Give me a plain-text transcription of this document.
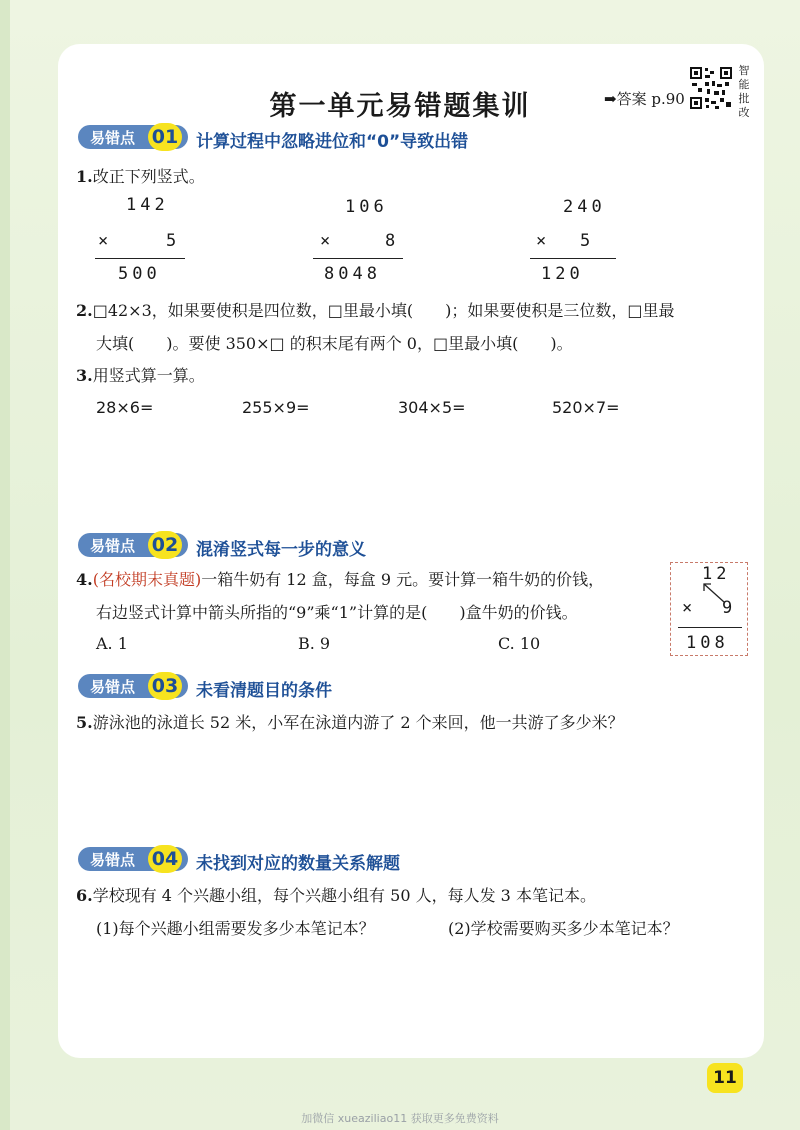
第一单元易错题集训	➡答案 p.90
智
能
批
改
易错点 01 计算过程中忽略进位和“0”导致出错
1.改正下列竖式。
142
×	5
500
106
×	8
8048
240
× 5
120
2.□42×3，如果要使积是四位数，□里最小填(　　)；如果要使积是三位数，□里最
大填(　　)。要使 350×□ 的积末尾有两个 0，□里最小填(　　)。
3.用竖式算一算。
28×6=	255×9=	304×5=	520×7=
易错点 02 混淆竖式每一步的意义
4.(名校期末真题)一箱牛奶有 12 盒，每盒 9 元。要计算一箱牛奶的价钱，
右边竖式计算中箭头所指的“9”乘“1”计算的是(　　)盒牛奶的价钱。
A. 1	B. 9	C. 10
12
× 9
108
易错点 03 未看清题目的条件
5.游泳池的泳道长 52 米，小军在泳道内游了 2 个来回，他一共游了多少米？
易错点 04 未找到对应的数量关系解题
6.学校现有 4 个兴趣小组，每个兴趣小组有 50 人，每人发 3 本笔记本。
(1)每个兴趣小组需要发多少本笔记本？	(2)学校需要购买多少本笔记本？
11
加微信 xueaziliao11 获取更多免费资料
